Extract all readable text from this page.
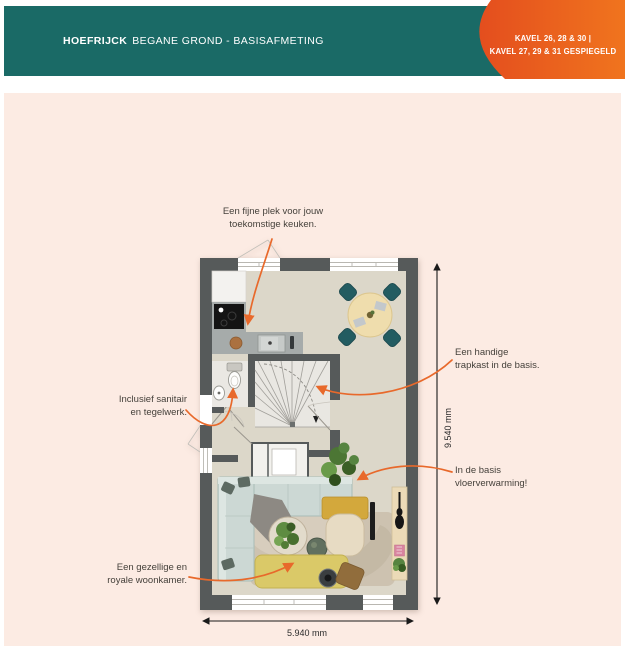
HOEFRIJCK BEGANE GROND - BASISAFMETING	KAVEL 26, 28 & 30 |
KAVEL 27, 29 & 31 GESPIEGELD
Een fijne plek voor jouw
toekomstige keuken.
Een handige
trapkast in de basis.
Inclusief sanitair
en tegelwerk.
In de basis
vloerverwarming!
Een gezellige en
royale woonkamer.
9.540 mm
5.940 mm
